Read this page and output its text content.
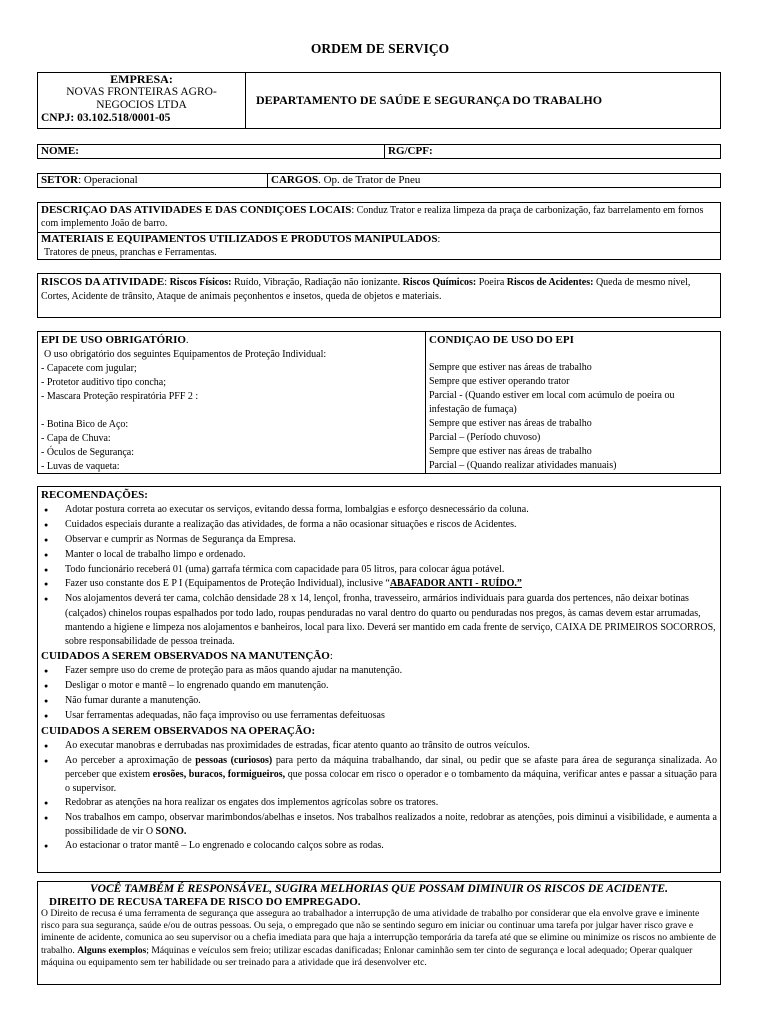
ORDEM DE SERVIÇO
EMPRESA:
NOVAS FRONTEIRAS AGRO-NEGOCIOS LTDA
CNPJ: 03.102.518/0001-05
DEPARTAMENTO DE SAÚDE E SEGURANÇA DO TRABALHO
NOME:	RG/CPF:
SETOR: Operacional	CARGOS. Op. de Trator de Pneu
DESCRIÇAO DAS ATIVIDADES E DAS CONDIÇOES LOCAIS: Conduz Trator e realiza limpeza da praça de carbonização, faz barrelamento em fornos com implemento João de barro.
MATERIAIS E EQUIPAMENTOS UTILIZADOS E PRODUTOS MANIPULADOS:
Tratores de pneus, pranchas e Ferramentas.
RISCOS DA ATIVIDADE: Riscos Físicos: Ruído, Vibração, Radiação não ionizante. Riscos Químicos: Poeira Riscos de Acidentes: Queda de mesmo nível, Cortes, Acidente de trânsito, Ataque de animais peçonhentos e insetos, queda de objetos e materiais.
EPI DE USO OBRIGATÓRIO.
O uso obrigatório dos seguintes Equipamentos de Proteção Individual:
- Capacete com jugular;
- Protetor auditivo tipo concha;
- Mascara Proteção respiratória PFF 2 :
- Botina Bico de Aço:
- Capa de Chuva:
- Óculos de Segurança:
- Luvas de vaqueta:
CONDIÇAO DE USO DO EPI
Sempre que estiver nas áreas de trabalho
Sempre que estiver operando trator
Parcial - (Quando estiver em local com acúmulo de poeira ou infestação de fumaça)
Sempre que estiver nas áreas de trabalho
Parcial – (Período chuvoso)
Sempre que estiver nas áreas de trabalho
Parcial – (Quando realizar atividades manuais)
RECOMENDAÇÕES:
● Adotar postura correta ao executar os serviços, evitando dessa forma, lombalgias e esforço desnecessário da coluna.
● Cuidados especiais durante a realização das atividades, de forma a não ocasionar situações e riscos de Acidentes.
● Observar e cumprir as Normas de Segurança da Empresa.
● Manter o local de trabalho limpo e ordenado.
● Todo funcionário receberá 01 (uma) garrafa térmica com capacidade para 05 litros, para colocar água potável.
● Fazer uso constante dos E P I (Equipamentos de Proteção Individual), inclusive “ABAFADOR ANTI - RUÍDO.”
● Nos alojamentos deverá ter cama, colchão densidade 28 x 14, lençol, fronha, travesseiro, armários individuais para guarda dos pertences, não deixar botinas (calçados) chinelos roupas espalhados por todo lado, roupas penduradas no varal dentro do quarto ou penduradas nos pregos, às camas devem estar arrumadas, mantendo a higiene e limpeza nos alojamentos e banheiros, local para lixo. Deverá ser mantido em cada frente de serviço, CAIXA DE PRIMEIROS SOCORROS, sobre responsabilidade de pessoa treinada.
CUIDADOS A SEREM OBSERVADOS NA MANUTENÇÃO:
● Fazer sempre uso do creme de proteção para as mãos quando ajudar na manutenção.
● Desligar o motor e mantê – lo engrenado quando em manutenção.
● Não fumar durante a manutenção.
● Usar ferramentas adequadas, não faça improviso ou use ferramentas defeituosas
CUIDADOS A SEREM OBSERVADOS NA OPERAÇÃO:
● Ao executar manobras e derrubadas nas proximidades de estradas, ficar atento quanto ao trânsito de outros veículos.
● Ao perceber a aproximação de pessoas (curiosos) para perto da máquina trabalhando, dar sinal, ou pedir que se afaste para área de segurança sinalizada. Ao perceber que existem erosões, buracos, formigueiros, que possa colocar em risco o operador e o tombamento da máquina, verificar antes e passar a situação para o supervisor.
● Redobrar as atenções na hora realizar os engates dos implementos agrícolas sobre os tratores.
● Nos trabalhos em campo, observar marimbondos/abelhas e insetos. Nos trabalhos realizados a noite, redobrar as atenções, pois diminui a visibilidade, e aumenta a possibilidade de vir O SONO.
● Ao estacionar o trator mantê – Lo engrenado e colocando calços sobre as rodas.
VOCÊ TAMBÉM É RESPONSÁVEL, SUGIRA MELHORIAS QUE POSSAM DIMINUIR OS RISCOS DE ACIDENTE.
DIREITO DE RECUSA TAREFA DE RISCO DO EMPREGADO.
O Direito de recusa é uma ferramenta de segurança que assegura ao trabalhador a interrupção de uma atividade de trabalho por considerar que ela envolve grave e iminente risco para sua segurança, saúde e/ou de outras pessoas. Ou seja, o empregado que não se sentindo seguro em iniciar ou continuar uma tarefa por julgar haver risco grave e iminente de acidente, comunica ao seu supervisor ou a chefia imediata para que haja a interrupção temporária da tarefa até que se elimine ou minimize os riscos no ambiente de trabalho. Alguns exemplos; Máquinas e veículos sem freio; utilizar escadas danificadas; Enlonar caminhão sem ter cinto de segurança e local adequado; Operar qualquer máquina ou equipamento sem ter habilidade ou ser treinado para a atividade que irá desenvolver etc.
